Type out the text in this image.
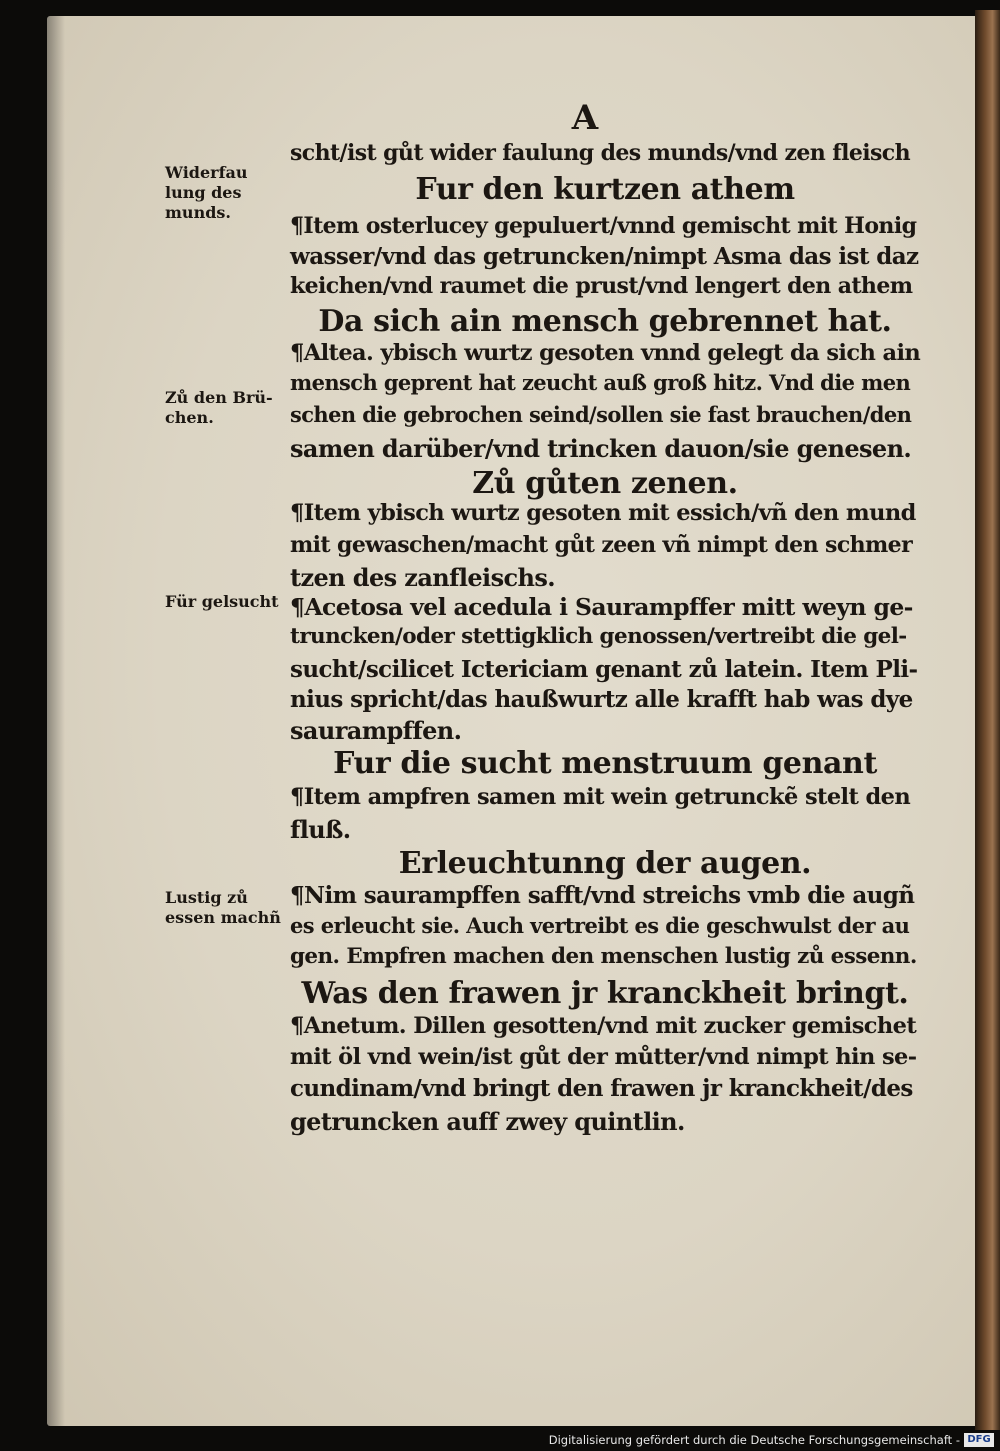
A
Widerfau lung des munds.
Zů den Brü-chen.
Für gelsucht
Lustig zů essen machñ
scht/ist gůt wider faulung des munds/vnd zen fleisch
Fur den kurtzen athem
¶Item osterlucey gepuluert/vnnd gemischt mit Honig
wasser/vnd das getruncken/nimpt Asma das ist daz
keichen/vnd raumet die prust/vnd lengert den athem
Da sich ain mensch gebrennet hat.
¶Altea. ybisch wurtz gesoten vnnd gelegt da sich ain
mensch geprent hat zeucht auß groß hitz. Vnd die men
schen die gebrochen seind/sollen sie fast brauchen/den
samen darüber/vnd trincken dauon/sie genesen.
Zů gůten zenen.
¶Item ybisch wurtz gesoten mit essich/vñ den mund
mit gewaschen/macht gůt zeen vñ nimpt den schmer
tzen des zanfleischs.
¶Acetosa vel acedula i Saurampffer mitt weyn ge-
truncken/oder stettigklich genossen/vertreibt die gel-
sucht/scilicet Ictericiam genant zů latein. Item Pli-
nius spricht/das haußwurtz alle krafft hab was dye
saurampffen.
Fur die sucht menstruum genant
¶Item ampfren samen mit wein getrunckẽ stelt den
fluß.
Erleuchtunng der augen.
¶Nim saurampffen safft/vnd streichs vmb die augñ
es erleucht sie. Auch vertreibt es die geschwulst der au
gen. Empfren machen den menschen lustig zů essenn.
Was den frawen jr kranckheit bringt.
¶Anetum. Dillen gesotten/vnd mit zucker gemischet
mit öl vnd wein/ist gůt der můtter/vnd nimpt hin se-
cundinam/vnd bringt den frawen jr kranckheit/des
getruncken auff zwey quintlin.
Digitalisierung gefördert durch die Deutsche Forschungsgemeinschaft - DFG
